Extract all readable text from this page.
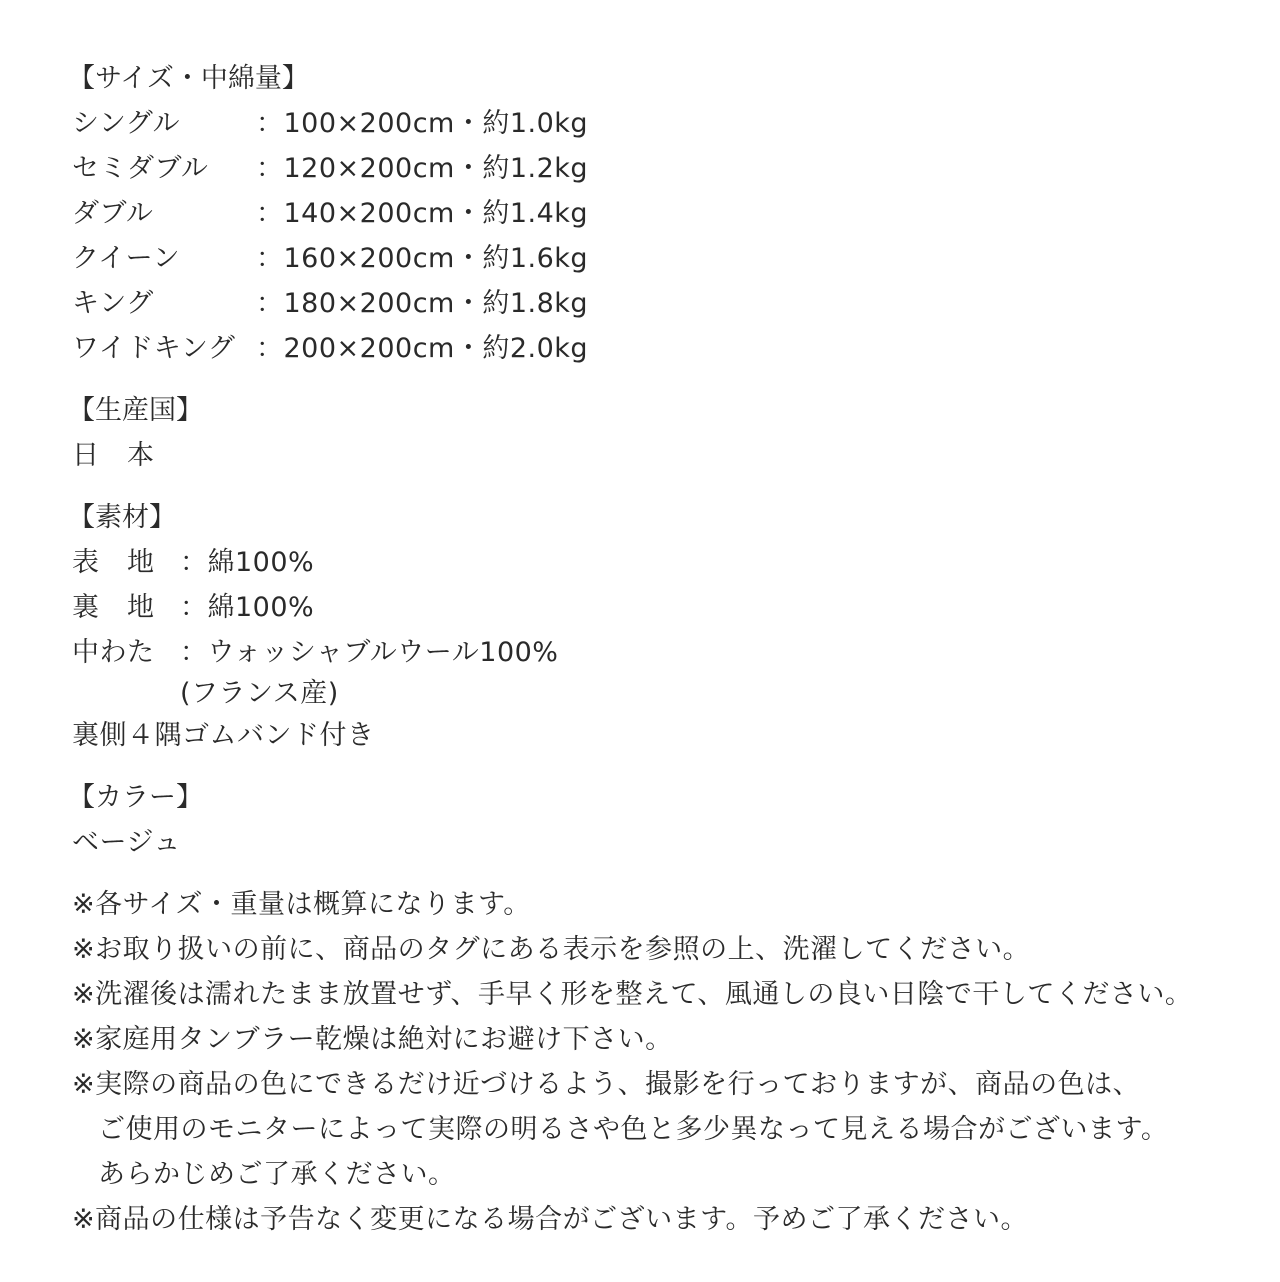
【サイズ・中綿量】
シングル	：100×200cm・約1.0kg
セミダブル ：120×200cm・約1.2kg
ダブル	：140×200cm・約1.4kg
クイーン	：160×200cm・約1.6kg
キング	：180×200cm・約1.8kg
ワイドキング ：200×200cm・約2.0kg
【生産国】
日　本
【素材】
表　地 ：綿100%
裏　地 ：綿100%
中わた ：ウォッシャブルウール100%
(フランス産)
裏側４隅ゴムバンド付き
【カラー】
ベージュ
※各サイズ・重量は概算になります。
※お取り扱いの前に、商品のタグにある表示を参照の上、洗濯してください。
※洗濯後は濡れたまま放置せず、手早く形を整えて、風通しの良い日陰で干してください。
※家庭用タンブラー乾燥は絶対にお避け下さい。
※実際の商品の色にできるだけ近づけるよう、撮影を行っておりますが、商品の色は、
ご使用のモニターによって実際の明るさや色と多少異なって見える場合がございます。
あらかじめご了承ください。
※商品の仕様は予告なく変更になる場合がございます。予めご了承ください。
